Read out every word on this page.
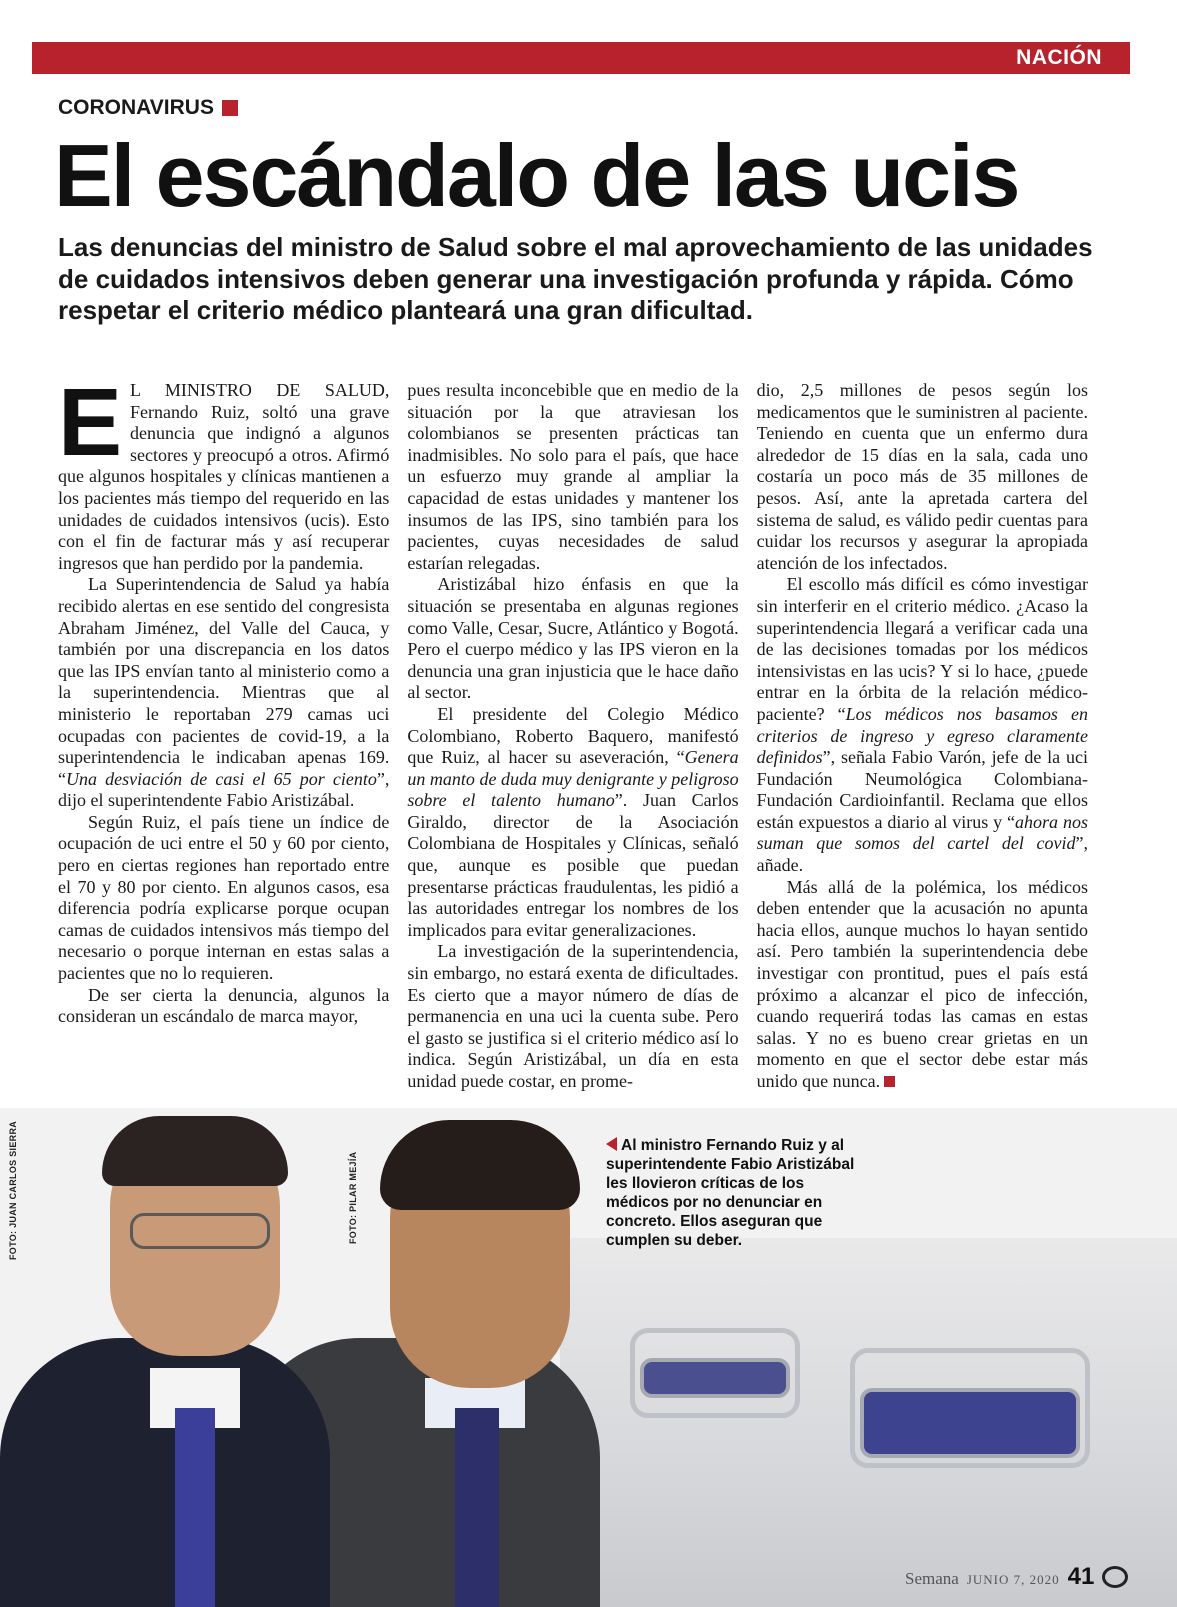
NACIÓN
CORONAVIRUS
El escándalo de las ucis

Las denuncias del ministro de Salud sobre el mal aprovechamiento de las unidades de cuidados intensivos deben generar una investigación profunda y rápida. Cómo respetar el criterio médico planteará una gran dificultad.

E L MINISTRO DE SALUD, Fernando Ruiz, soltó una grave denuncia que indignó a algunos sectores y preocupó a otros. Afirmó que algunos hospitales y clínicas mantienen a los pacientes más tiempo del requerido en las unidades de cuidados intensivos (ucis). Esto con el fin de facturar más y así recuperar ingresos que han perdido por la pandemia.

La Superintendencia de Salud ya había recibido alertas en ese sentido del congresista Abraham Jiménez, del Valle del Cauca, y también por una discrepancia en los datos que las IPS envían tanto al ministerio como a la superintendencia. Mientras que al ministerio le reportaban 279 camas uci ocupadas con pacientes de covid-19, a la superintendencia le indicaban apenas 169. “Una desviación de casi el 65 por ciento”, dijo el superintendente Fabio Aristizábal.

Según Ruiz, el país tiene un índice de ocupación de uci entre el 50 y 60 por ciento, pero en ciertas regiones han reportado entre el 70 y 80 por ciento. En algunos casos, esa diferencia podría explicarse porque ocupan camas de cuidados intensivos más tiempo del necesario o porque internan en estas salas a pacientes que no lo requieren.

De ser cierta la denuncia, algunos la consideran un escándalo de marca mayor,

pues resulta inconcebible que en medio de la situación por la que atraviesan los colombianos se presenten prácticas tan inadmisibles. No solo para el país, que hace un esfuerzo muy grande al ampliar la capacidad de estas unidades y mantener los insumos de las IPS, sino también para los pacientes, cuyas necesidades de salud estarían relegadas.

Aristizábal hizo énfasis en que la situación se presentaba en algunas regiones como Valle, Cesar, Sucre, Atlántico y Bogotá. Pero el cuerpo médico y las IPS vieron en la denuncia una gran injusticia que le hace daño al sector.

El presidente del Colegio Médico Colombiano, Roberto Baquero, manifestó que Ruiz, al hacer su aseveración, “Genera un manto de duda muy denigrante y peligroso sobre el talento humano”. Juan Carlos Giraldo, director de la Asociación Colombiana de Hospitales y Clínicas, señaló que, aunque es posible que puedan presentarse prácticas fraudulentas, les pidió a las autoridades entregar los nombres de los implicados para evitar generalizaciones.

La investigación de la superintendencia, sin embargo, no estará exenta de dificultades. Es cierto que a mayor número de días de permanencia en una uci la cuenta sube. Pero el gasto se justifica si el criterio médico así lo indica. Según Aristizábal, un día en esta unidad puede costar, en prome-

dio, 2,5 millones de pesos según los medicamentos que le suministren al paciente. Teniendo en cuenta que un enfermo dura alrededor de 15 días en la sala, cada uno costaría un poco más de 35 millones de pesos. Así, ante la apretada cartera del sistema de salud, es válido pedir cuentas para cuidar los recursos y asegurar la apropiada atención de los infectados.

El escollo más difícil es cómo investigar sin interferir en el criterio médico. ¿Acaso la superintendencia llegará a verificar cada una de las decisiones tomadas por los médicos intensivistas en las ucis? Y si lo hace, ¿puede entrar en la órbita de la relación médico-paciente? “Los médicos nos basamos en criterios de ingreso y egreso claramente definidos”, señala Fabio Varón, jefe de la uci Fundación Neumológica Colombiana-Fundación Cardioinfantil. Reclama que ellos están expuestos a diario al virus y “ahora nos suman que somos del cartel del covid”, añade.

Más allá de la polémica, los médicos deben entender que la acusación no apunta hacia ellos, aunque muchos lo hayan sentido así. Pero también la superintendencia debe investigar con prontitud, pues el país está próximo a alcanzar el pico de infección, cuando requerirá todas las camas en estas salas. Y no es bueno crear grietas en un momento en que el sector debe estar más unido que nunca.

FOTO: JUAN CARLOS SIERRA	FOTO: PILAR MEJÍA
Al ministro Fernando Ruiz y al superintendente Fabio Aristizábal les llovieron críticas de los médicos por no denunciar en concreto. Ellos aseguran que cumplen su deber.
Semana JUNIO 7, 2020 41
